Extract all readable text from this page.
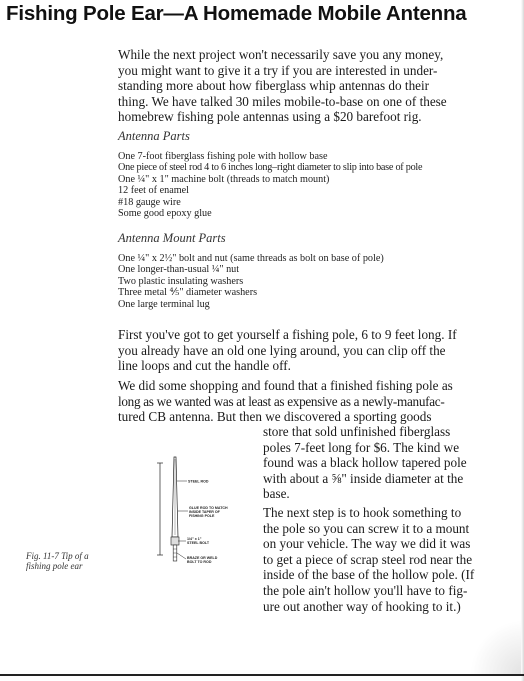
Fishing Pole Ear—A Homemade Mobile Antenna
While the next project won't necessarily save you any money,
you might want to give it a try if you are interested in under-
standing more about how fiberglass whip antennas do their
thing. We have talked 30 miles mobile-to-base on one of these
homebrew fishing pole antennas using a $20 barefoot rig.
Antenna Parts
One 7-foot fiberglass fishing pole with hollow base
One piece of steel rod 4 to 6 inches long–right diameter to slip into base of pole
One ¼" x 1" machine bolt (threads to match mount)
12 feet of enamel
#18 gauge wire
Some good epoxy glue
Antenna Mount Parts
One ¼" x 2½" bolt and nut (same threads as bolt on base of pole)
One longer-than-usual ¼" nut
Two plastic insulating washers
Three metal ⅘" diameter washers
One large terminal lug
First you've got to get yourself a fishing pole, 6 to 9 feet long. If
you already have an old one lying around, you can clip off the
line loops and cut the handle off.
We did some shopping and found that a finished fishing pole as
long as we wanted was at least as expensive as a newly-manufac-
tured CB antenna. But then we discovered a sporting goods
store that sold unfinished fiberglass
poles 7-feet long for $6. The kind we
found was a black hollow tapered pole
with about a ⅝" inside diameter at the
base.
The next step is to hook something to
the pole so you can screw it to a mount
on your vehicle. The way we did it was
to get a piece of scrap steel rod near the
inside of the base of the hollow pole. (If
the pole ain't hollow you'll have to fig-
ure out another way of hooking to it.)
STEEL ROD
GLUE ROD TO MATCH
INSIDE TAPER OF
FISHING POLE
1/4" x 1"
STEEL BOLT
BRAZE OR WELD
BOLT TO ROD
Fig. 11-7 Tip of a fishing pole ear
